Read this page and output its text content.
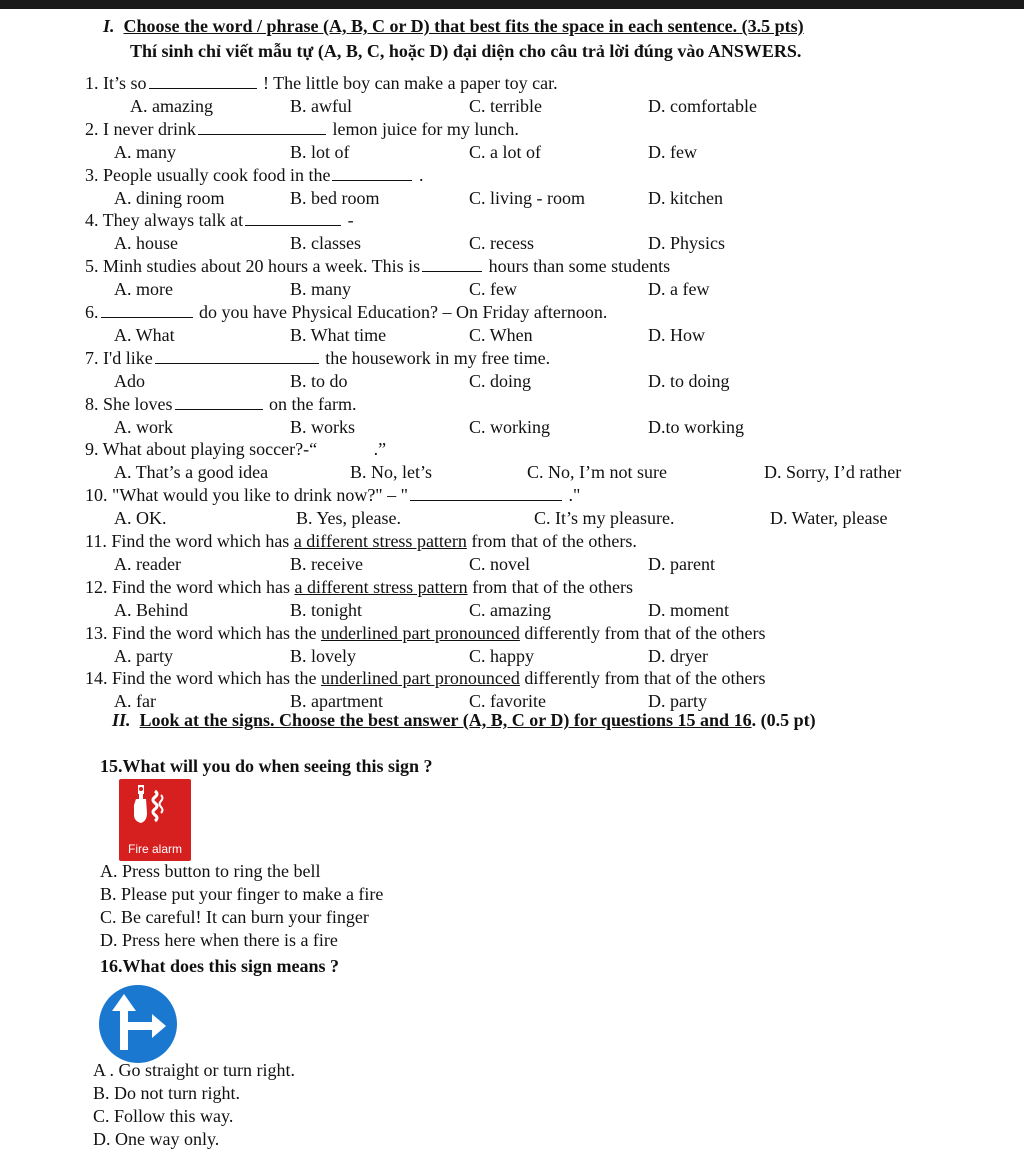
I. Choose the word / phrase (A, B, C or D) that best fits the space in each sentence. (3.5 pts)
Thí sinh chỉ viết mẫu tự (A, B, C, hoặc D) đại diện cho câu trả lời đúng vào ANSWERS.
1. It’s so	! The little boy can make a paper toy car.
A. amazing	B. awful	C. terrible	D. comfortable
2. I never drink	lemon juice for my lunch.
A. many	B. lot of	C. a lot of	D. few
3. People usually cook food in the	.
A. dining room	B. bed room	C. living - room	D. kitchen
4. They always talk at	-
A. house	B. classes	C. recess	D. Physics
5. Minh studies about 20 hours a week. This is	hours than some students
A. more	B. many	C. few	D. a few
6.	do you have Physical Education? – On Friday afternoon.
A. What	B. What time	C. When	D. How
7. I'd like	the housework in my free time.
Ado	B. to do	C. doing	D. to doing
8. She loves	on the farm.
A. work	B. works	C. working	D.to working
9. What about playing soccer?-“	.”
A. That’s a good idea	B. No, let’s	C. No, I’m not sure	D. Sorry, I’d rather
10. "What would you like to drink now?" – "	."
A. OK.	B. Yes, please.	C. It’s my pleasure.	D. Water, please
11. Find the word which has a different stress pattern from that of the others.
A. reader	B. receive	C. novel	D. parent
12. Find the word which has a different stress pattern from that of the others
A. Behind	B. tonight	C. amazing	D. moment
13. Find the word which has the underlined part pronounced differently from that of the others
A. party	B. lovely	C. happy	D. dryer
14. Find the word which has the underlined part pronounced differently from that of the others
A. far	B. apartment	C. favorite	D. party
II. Look at the signs. Choose the best answer (A, B, C or D) for questions 15 and 16. (0.5 pt)
15.What will you do when seeing this sign ?
Fire alarm
A. Press button to ring the bell
B. Please put your finger to make a fire
C. Be careful! It can burn your finger
D. Press here when there is a fire
16.What does this sign means ?
A . Go straight or turn right.
B. Do not turn right.
C. Follow this way.
D. One way only.
